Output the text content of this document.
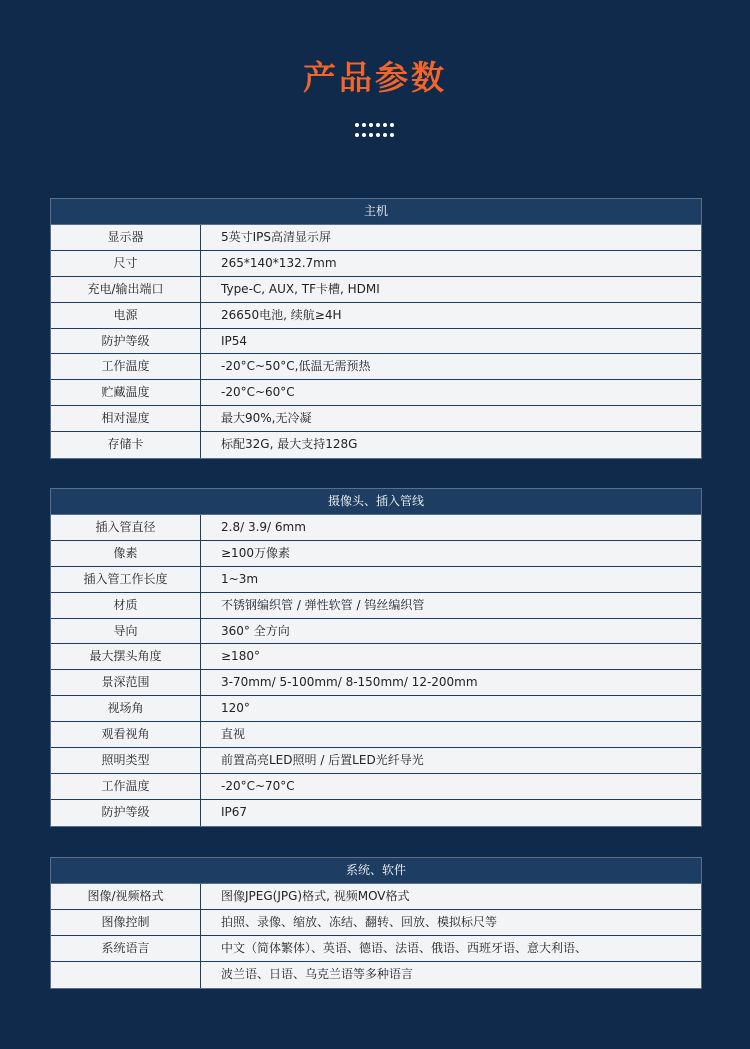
产品参数
主机
显示器	5英寸IPS高清显示屏
尺寸	265*140*132.7mm
充电/输出端口	Type-C, AUX, TF卡槽, HDMI
电源	26650电池, 续航≥4H
防护等级	IP54
工作温度	-20°C~50°C,低温无需预热
贮藏温度	-20°C~60°C
相对湿度	最大90%,无冷凝
存储卡	标配32G, 最大支持128G
摄像头、插入管线
插入管直径	2.8/ 3.9/ 6mm
像素	≥100万像素
插入管工作长度	1~3m
材质	不锈钢编织管 / 弹性软管 / 钨丝编织管
导向	360° 全方向
最大摆头角度	≥180°
景深范围	3-70mm/ 5-100mm/ 8-150mm/ 12-200mm
视场角	120°
观看视角	直视
照明类型	前置高亮LED照明 / 后置LED光纤导光
工作温度	-20°C~70°C
防护等级	IP67
系统、软件
图像/视频格式	图像JPEG(JPG)格式, 视频MOV格式
图像控制	拍照、录像、缩放、冻结、翻转、回放、模拟标尺等
系统语言	中文（简体繁体）、英语、德语、法语、俄语、西班牙语、意大利语、
波兰语、日语、乌克兰语等多种语言
